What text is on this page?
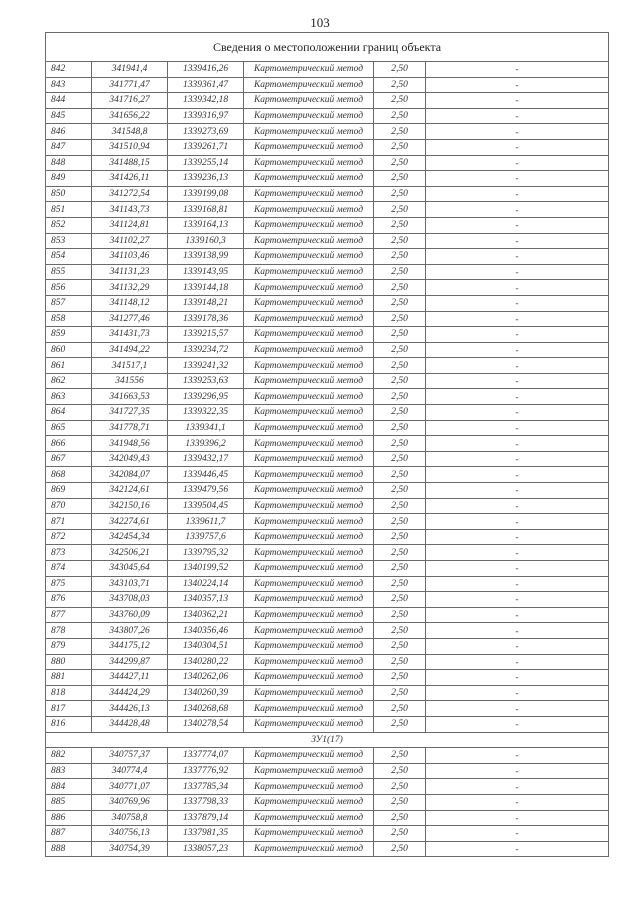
103
Сведения о местоположении границ объекта					
842	341941,4	1339416,26	Картометрический метод	2,50	-
843	341771,47	1339361,47	Картометрический метод	2,50	-
844	341716,27	1339342,18	Картометрический метод	2,50	-
845	341656,22	1339316,97	Картометрический метод	2,50	-
846	341548,8	1339273,69	Картометрический метод	2,50	-
847	341510,94	1339261,71	Картометрический метод	2,50	-
848	341488,15	1339255,14	Картометрический метод	2,50	-
849	341426,11	1339236,13	Картометрический метод	2,50	-
850	341272,54	1339199,08	Картометрический метод	2,50	-
851	341143,73	1339168,81	Картометрический метод	2,50	-
852	341124,81	1339164,13	Картометрический метод	2,50	-
853	341102,27	1339160,3	Картометрический метод	2,50	-
854	341103,46	1339138,99	Картометрический метод	2,50	-
855	341131,23	1339143,95	Картометрический метод	2,50	-
856	341132,29	1339144,18	Картометрический метод	2,50	-
857	341148,12	1339148,21	Картометрический метод	2,50	-
858	341277,46	1339178,36	Картометрический метод	2,50	-
859	341431,73	1339215,57	Картометрический метод	2,50	-
860	341494,22	1339234,72	Картометрический метод	2,50	-
861	341517,1	1339241,32	Картометрический метод	2,50	-
862	341556	1339253,63	Картометрический метод	2,50	-
863	341663,53	1339296,95	Картометрический метод	2,50	-
864	341727,35	1339322,35	Картометрический метод	2,50	-
865	341778,71	1339341,1	Картометрический метод	2,50	-
866	341948,56	1339396,2	Картометрический метод	2,50	-
867	342049,43	1339432,17	Картометрический метод	2,50	-
868	342084,07	1339446,45	Картометрический метод	2,50	-
869	342124,61	1339479,56	Картометрический метод	2,50	-
870	342150,16	1339504,45	Картометрический метод	2,50	-
871	342274,61	1339611,7	Картометрический метод	2,50	-
872	342454,34	1339757,6	Картометрический метод	2,50	-
873	342506,21	1339795,32	Картометрический метод	2,50	-
874	343045,64	1340199,52	Картометрический метод	2,50	-
875	343103,71	1340224,14	Картометрический метод	2,50	-
876	343708,03	1340357,13	Картометрический метод	2,50	-
877	343760,09	1340362,21	Картометрический метод	2,50	-
878	343807,26	1340356,46	Картометрический метод	2,50	-
879	344175,12	1340304,51	Картометрический метод	2,50	-
880	344299,87	1340280,22	Картометрический метод	2,50	-
881	344427,11	1340262,06	Картометрический метод	2,50	-
818	344424,29	1340260,39	Картометрический метод	2,50	-
817	344426,13	1340268,68	Картометрический метод	2,50	-
816	344428,48	1340278,54	Картометрический метод	2,50	-
ЗУ1(17)					
882	340757,37	1337774,07	Картометрический метод	2,50	-
883	340774,4	1337776,92	Картометрический метод	2,50	-
884	340771,07	1337785,34	Картометрический метод	2,50	-
885	340769,96	1337798,33	Картометрический метод	2,50	-
886	340758,8	1337879,14	Картометрический метод	2,50	-
887	340756,13	1337981,35	Картометрический метод	2,50	-
888	340754,39	1338057,23	Картометрический метод	2,50	-
